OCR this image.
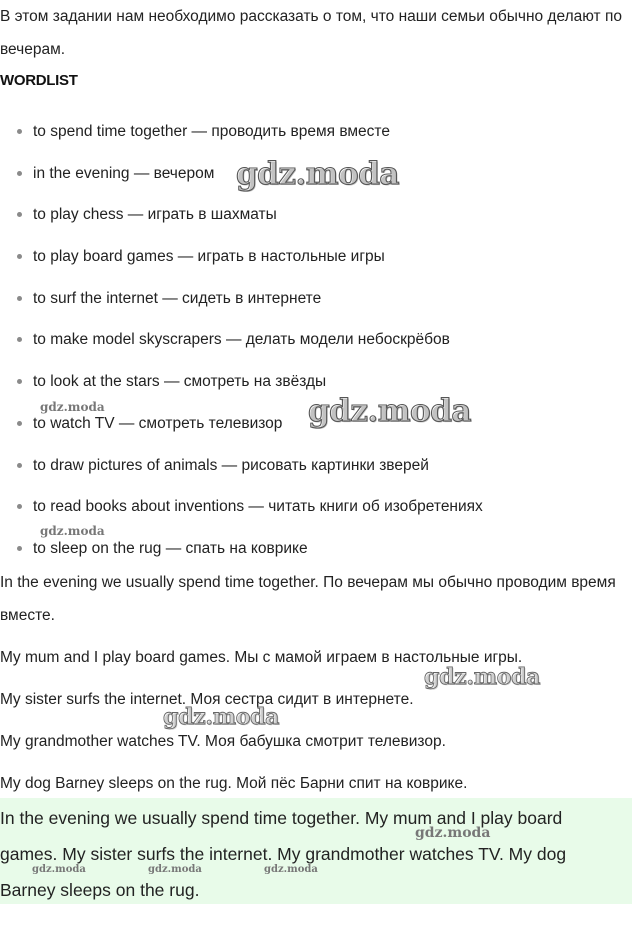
В этом задании нам необходимо рассказать о том, что наши семьи обычно делают по вечерам.

WORDLIST
to spend time together — проводить время вместе
in the evening — вечером
to play chess — играть в шахматы
to play board games — играть в настольные игры
to surf the internet — сидеть в интернете
to make model skyscrapers — делать модели небоскрёбов
to look at the stars — смотреть на звёзды
to watch TV — смотреть телевизор
to draw pictures of animals — рисовать картинки зверей
to read books about inventions — читать книги об изобретениях
to sleep on the rug — спать на коврике

In the evening we usually spend time together. По вечерам мы обычно проводим время вместе.

My mum and I play board games. Мы с мамой играем в настольные игры.

My sister surfs the internet. Моя сестра сидит в интернете.

My grandmother watches TV. Моя бабушка смотрит телевизор.

My dog Barney sleeps on the rug. Мой пёс Барни спит на коврике.

In the evening we usually spend time together. My mum and I play board games. My sister surfs the internet. My grandmother watches TV. My dog Barney sleeps on the rug.

gdz.moda
gdz.moda
gdz.moda
gdz.moda
gdz.moda
gdz.moda
gdz.moda
gdz.moda	gdz.moda	gdz.moda
